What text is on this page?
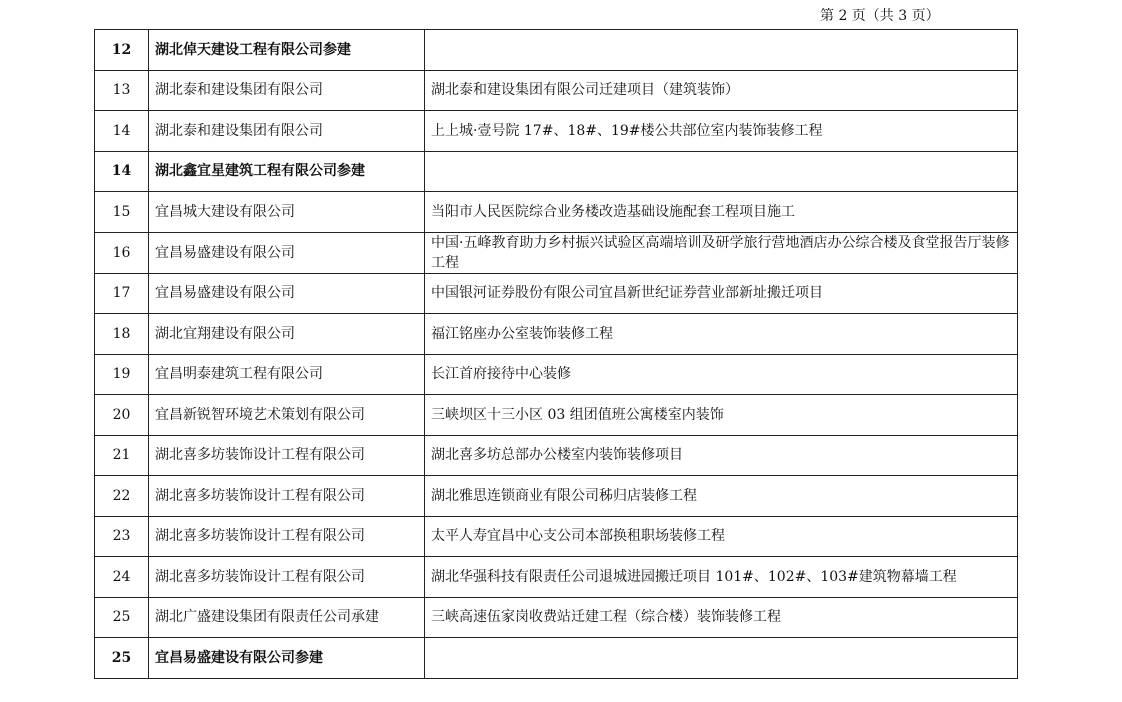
第 2 页（共 3 页）
12	湖北倬天建设工程有限公司参建	
13	湖北泰和建设集团有限公司	湖北泰和建设集团有限公司迁建项目（建筑装饰）
14	湖北泰和建设集团有限公司	上上城·壹号院 17#、18#、19#楼公共部位室内装饰装修工程
14	湖北鑫宜星建筑工程有限公司参建	
15	宜昌城大建设有限公司	当阳市人民医院综合业务楼改造基础设施配套工程项目施工
16	宜昌易盛建设有限公司	中国·五峰教育助力乡村振兴试验区高端培训及研学旅行营地酒店办公综合楼及食堂报告厅装修工程
17	宜昌易盛建设有限公司	中国银河证券股份有限公司宜昌新世纪证券营业部新址搬迁项目
18	湖北宜翔建设有限公司	福江铭座办公室装饰装修工程
19	宜昌明泰建筑工程有限公司	长江首府接待中心装修
20	宜昌新锐智环境艺术策划有限公司	三峡坝区十三小区 03 组团值班公寓楼室内装饰
21	湖北喜多坊装饰设计工程有限公司	湖北喜多坊总部办公楼室内装饰装修项目
22	湖北喜多坊装饰设计工程有限公司	湖北雅思连锁商业有限公司秭归店装修工程
23	湖北喜多坊装饰设计工程有限公司	太平人寿宜昌中心支公司本部换租职场装修工程
24	湖北喜多坊装饰设计工程有限公司	湖北华强科技有限责任公司退城进园搬迁项目 101#、102#、103#建筑物幕墙工程
25	湖北广盛建设集团有限责任公司承建	三峡高速伍家岗收费站迁建工程（综合楼）装饰装修工程
25	宜昌易盛建设有限公司参建	
